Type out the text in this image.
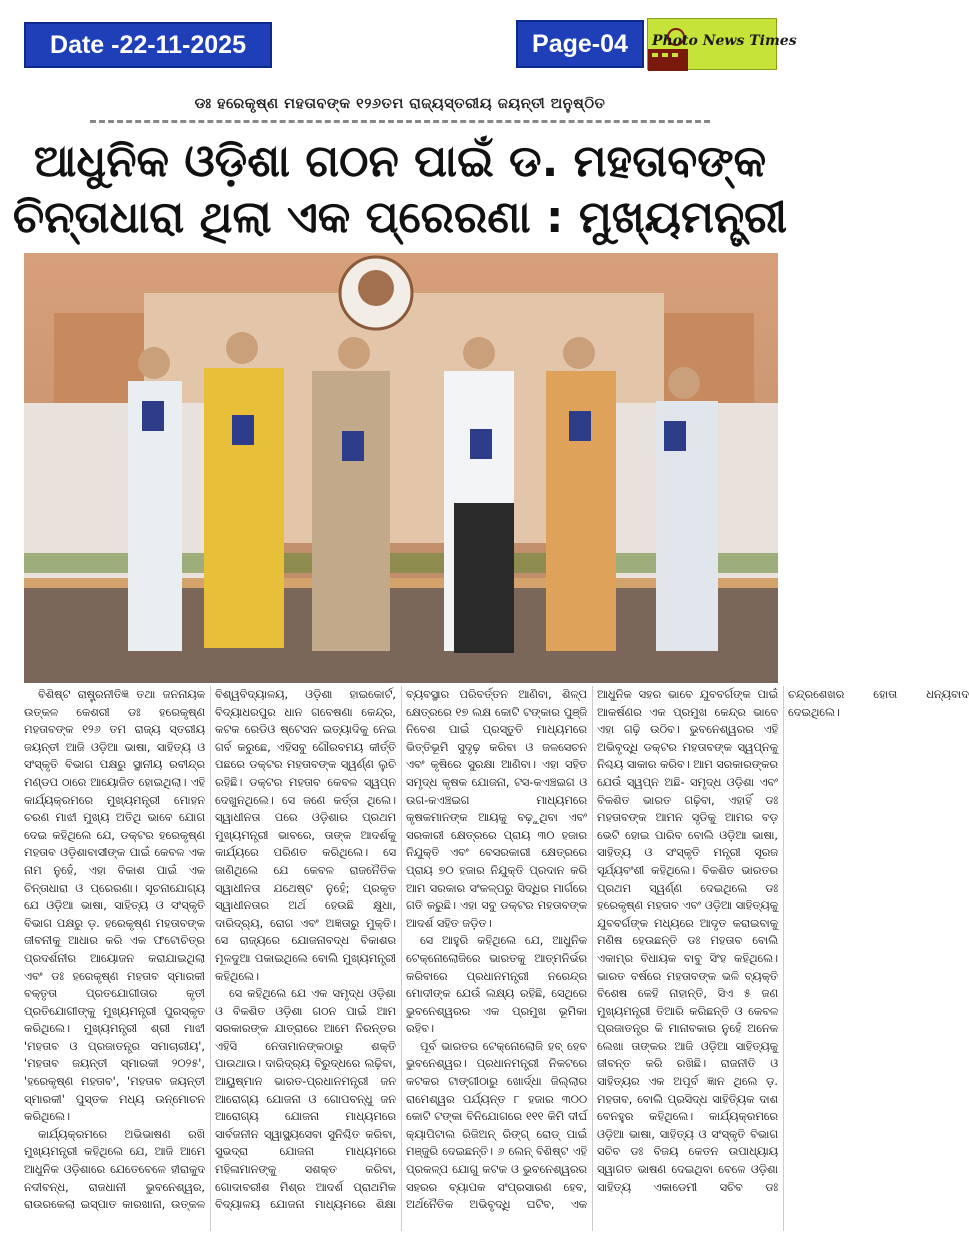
Date -22-11-2025	Page-04 Photo News Times
ଡଃ ହରେକୃଷ୍ଣ ମହତାବଙ୍କ ୧୨୬ତମ ରାଜ୍ୟସ୍ତରୀୟ ଜୟନ୍ତୀ ଅନୁଷ୍ଠିତ
ଆଧୁନିକ ଓଡ଼ିଶା ଗଠନ ପାଇଁ ଡ. ମହତାବଙ୍କ
ଚିନ୍ତାଧାରା ଥିଲା ଏକ ପ୍ରେରଣା : ମୁଖ୍ୟମନ୍ତ୍ରୀ

ବିଶିଷ୍ଟ ରାଷ୍ଟ୍ରନୀତିଜ୍ଞ ତଥା ଜନନାୟକ ଉତ୍କଳ କେଶରୀ ଡଃ ହରେକୃଷ୍ଣ ମହତାବଙ୍କ ୧୨୬ ତମ ରାଜ୍ୟ ସ୍ତରୀୟ ଜୟନ୍ତୀ ଆଜି ଓଡ଼ିଆ ଭାଷା, ସାହିତ୍ୟ ଓ ସଂସ୍କୃତି ବିଭାଗ ପକ୍ଷରୁ ସ୍ଥାନୀୟ ରବୀନ୍ଦ୍ର ମଣ୍ଡପ ଠାରେ ଆୟୋଜିତ ହୋଇଥିଲା। ଏହି କାର୍ଯ୍ୟକ୍ରମରେ ମୁଖ୍ୟମନ୍ତ୍ରୀ ମୋହନ ଚରଣ ମାଝୀ ମୁଖ୍ୟ ଅତିଥି ଭାବେ ଯୋଗ ଦେଇ କହିଥିଲେ ଯେ, ଡକ୍ଟର ହରେକୃଷ୍ଣ ମହତାବ ଓଡ଼ିଶାବାସୀଙ୍କ ପାଇଁ କେବଳ ଏକ ନାମ ନୁହେଁ, ଏହା ବିକାଶ ପାଇଁ ଏକ ଚିନ୍ତାଧାରା ଓ ପ୍ରେରଣା। ସୂଚନାଯୋଗ୍ୟ ଯେ ଓଡ଼ିଆ ଭାଷା, ସାହିତ୍ୟ ଓ ସଂସ୍କୃତି ବିଭାଗ ପକ୍ଷରୁ ଡ଼. ହରେକୃଷ୍ଣ ମହତାବଙ୍କ ଜୀବନୀକୁ ଆଧାର କରି ଏକ ଫଟୋଚିତ୍ର ପ୍ରଦର୍ଶନୀର ଆୟୋଜନ କରାଯାଇଥିଲା ଏବଂ ଡଃ ହରେକୃଷ୍ଣ ମହତାବ ସ୍ମାରକୀ ବକ୍ତୃତା ପ୍ରତଯୋଗୀତାର କୃତୀ ପ୍ରତିଯୋଗୀଙ୍କୁ ମୁଖ୍ୟମନ୍ତ୍ରୀ ପୁରସ୍କୃତ କରିଥିଲେ। ମୁଖ୍ୟମନ୍ତ୍ରୀ ଶ୍ରୀ ମାଝୀ 'ମହତାବ ଓ ପ୍ରଜାତନ୍ତ୍ର ସମାଚାରୀୟ', 'ମହତାବ ଜୟନ୍ତୀ ସ୍ମାରକୀ ୨୦୨୫', 'ହରେକୃଷ୍ଣ ମହତାବ', 'ମହତାବ ଜୟନ୍ତୀ ସ୍ମାରକୀ' ପୁସ୍ତକ ମଧ୍ୟ ଉନ୍ମୋଚନ କରିଥିଲେ।

କାର୍ଯ୍ୟକ୍ରମରେ ଅଭିଭାଷଣ ରଖି ମୁଖ୍ୟମନ୍ତ୍ରୀ କହିଥିଲେ ଯେ, ଆଜି ଆମେ ଆଧୁନିକ ଓଡ଼ିଶାରେ ଯେତେବେଳେ ହୀରାକୁଦ ନଦୀବନ୍ଧ, ରାଜଧାନୀ ଭୁବନେଶ୍ୱର, ରାଉରକେଲା ଇସ୍ପାତ କାରଖାନା, ଉତ୍କଳ ବିଶ୍ୱବିଦ୍ୟାଳୟ, ଓଡ଼ିଶା ହାଇକୋର୍ଟ, ବିଦ୍ୟାଧରପୁର ଧାନ ଗବେଷଣା କେନ୍ଦ୍ର, କଟକ ରେଡିଓ ଷ୍ଟେସନ ଇତ୍ୟାଦିକୁ ନେଇ ଗର୍ବ କରୁଛେ, ଏହିସବୁ ଗୌରବମୟ କୀର୍ତ୍ତି ପଛରେ ଡକ୍ଟର ମହତାବଙ୍କ ସ୍ୱର୍ଣ୍ଣ ଲୁଚି ରହିଛି। ଡକ୍ଟର ମହତାବ କେବଳ ସ୍ୱପ୍ନ ଦେଖୁନଥିଲେ। ସେ ଜଣେ କର୍ତ୍ତା ଥିଲେ। ସ୍ୱାଧୀନତା ପରେ ଓଡ଼ିଶାର ପ୍ରଥମ ମୁଖ୍ୟମନ୍ତ୍ରୀ ଭାବରେ, ତାଙ୍କ ଆଦର୍ଶକୁ କାର୍ଯ୍ୟରେ ପରିଣତ କରିଥିଲେ। ସେ ଜାଣିଥିଲେ ଯେ କେବଳ ରାଜନୈତିକ ସ୍ୱାଧୀନତା ଯଥେଷ୍ଟ ନୁହେଁ; ପ୍ରକୃତ ସ୍ୱାଧୀନତାର ଅର୍ଥ ହେଉଛି କ୍ଷୁଧା, ଦାରିଦ୍ର୍ୟ, ରୋଗ ଏବଂ ଅଜ୍ଞତାରୁ ମୁକ୍ତି। ସେ ରାଜ୍ୟରେ ଯୋଜନାବଦ୍ଧ ବିକାଶର ମୂଳଦୁଆ ପକାଇଥିଲେ ବୋଲି ମୁଖ୍ୟମନ୍ତ୍ରୀ କହିଥିଲେ।

ସେ କହିଥିଲେ ଯେ ଏକ ସମୃଦ୍ଧ ଓଡ଼ିଶା ଓ ବିକଶିତ ଓଡ଼ିଶା ଗଠନ ପାଇଁ ଆମ ସରକାରଙ୍କ ଯାତ୍ରାରେ ଆମେ ନିରନ୍ତର ଏହିସି ନେତାମାନଙ୍କଠାରୁ ଶକ୍ତି ପାଉଥାଉ। ଦାରିଦ୍ର୍ୟ ବିରୁଦ୍ଧରେ ଲଢ଼ିବା, ଆୟୁଷ୍ମାନ ଭାରତ-ପ୍ରଧାନମନ୍ତ୍ରୀ ଜନ ଆରୋଗ୍ୟ ଯୋଜନା ଓ ଗୋପବନ୍ଧୁ ଜନ ଆରୋଗ୍ୟ ଯୋଜନା ମାଧ୍ୟମରେ ସାର୍ବଜନୀନ ସ୍ୱାସ୍ଥ୍ୟସେବା ସୁନିଶ୍ଚିତ କରିବା, ସୁଭଦ୍ରା ଯୋଜନା ମାଧ୍ୟମରେ ମହିଳାମାନଙ୍କୁ ସଶକ୍ତ କରିବା, ଗୋଦାବରୀଶ ମିଶ୍ର ଆଦର୍ଶ ପ୍ରାଥମିକ ବିଦ୍ୟାଳୟ ଯୋଜନା ମାଧ୍ୟମରେ ଶିକ୍ଷା ବ୍ୟବସ୍ଥାର ପରିବର୍ତ୍ତନ ଆଣିବା, ଶିଳ୍ପ କ୍ଷେତ୍ରରେ ୧୭ ଲକ୍ଷ କୋଟି ଟଙ୍କାର ପୁଞ୍ଜି ନିବେଶ ପାଇଁ ପ୍ରସ୍ତୁତି ମାଧ୍ୟମରେ ଭିତ୍ତିଭୂମି ସୁଦୃଢ଼ କରିବା ଓ ଜଳସେଚନ ଏବଂ କୃଷିରେ ସୁରକ୍ଷା ଆଣିବା। ଏହା ସହିତ ସମୃଦ୍ଧ କୃଷକ ଯୋଜନା, ଟସ-କଏଞ୍ଚଇଗ ଓ ଉଗ-କଏଞ୍ଚଇଗ ମାଧ୍ୟମରେ କୃଷକମାନଙ୍କ ଆୟକୁ ବଢ଼ୁଥିବା ଏବଂ ସରକାରୀ କ୍ଷେତ୍ରରେ ପ୍ରାୟ ୩୦ ହଜାର ନିଯୁକ୍ତି ଏବଂ ବେସରକାରୀ କ୍ଷେତ୍ରରେ ପ୍ରାୟ ୭୦ ହଜାର ନିଯୁକ୍ତି ପ୍ରଦାନ କରି ଆମ ସରକାର ସଂକଳ୍ପରୁ ସିଦ୍ଧିର ମାର୍ଗରେ ଗତି କରୁଛି। ଏହା ସବୁ ଡକ୍ଟର ମହତାବଙ୍କ ଆଦର୍ଶ ସହିତ ଜଡ଼ିତ।

ସେ ଆହୁରି କହିଥିଲେ ଯେ, ଆଧୁନିକ ଟେକ୍ନୋଲୋଜିରେ ଭାରତକୁ ଆତ୍ମନିର୍ଭର କରିବାରେ ପ୍ରଧାନମନ୍ତ୍ରୀ ନରେନ୍ଦ୍ର ମୋଦୀଙ୍କ ଯେଉଁ ଲକ୍ଷ୍ୟ ରହିଛି, ସେଥିରେ ଭୁବନେଶ୍ୱରର ଏକ ପ୍ରମୁଖ ଭୂମିକା ରହିବ।

ପୂର୍ବ ଭାରତର ଟେକ୍ନୋଲୋଜି ହବ୍ ହେବ ଭୁବନେଶ୍ୱର। ପ୍ରଧାନମନ୍ତ୍ରୀ ନିକଟରେ କଟକର ଟାଙ୍ଗୀଠାରୁ ଖୋର୍ଦ୍ଧା ଜିଲ୍ଲାର ରାମେଶ୍ୱର ପର୍ଯ୍ୟନ୍ତ ୮ ହଜାର ୩୦୦ କୋଟି ଟଙ୍କା ବିନିଯୋଗରେ ୧୧୧ କିମି ଦୀର୍ଘ କ୍ୟାପିଟାଲ ରିଜିଅନ୍ ରିଙ୍ଗ୍ ରୋଡ୍ ପାଇଁ ମଞ୍ଜୁରି ଦେଇଛନ୍ତି। ୬ ଲେନ୍ ବିଶିଷ୍ଟ ଏହି ପ୍ରକଳ୍ପ ଯୋଗୁ କଟକ ଓ ଭୁବନେଶ୍ୱରର ସହରର ବ୍ୟାପକ ସଂପ୍ରସାରଣ ହେବ, ଅର୍ଥନୈତିକ ଅଭିବୃଦ୍ଧି ଘଟିବ, ଏକ ଆଧୁନିକ ସହର ଭାବେ ଯୁବବର୍ଗଙ୍କ ପାଇଁ ଆକର୍ଷଣର ଏକ ପ୍ରମୁଖ କେନ୍ଦ୍ର ଭାବେ ଏହା ଗଢ଼ି ଉଠିବ। ଭୁବନେଶ୍ୱରର ଏହି ଅଭିବୃଦ୍ଧି ଡକ୍ଟର ମହତାବଙ୍କ ସ୍ୱପ୍ନକୁ ନିଶ୍ଚୟ ସାକାର କରିବ। ଆମ ସରକାରଙ୍କର ଯେଉଁ ସ୍ୱପ୍ନ ଅଛି- ସମୃଦ୍ଧ ଓଡ଼ିଶା ଏବଂ ବିକଶିତ ଭାରତ ଗଢ଼ିବା, ଏହାହିଁ ଡଃ ମହତାବଙ୍କ ଆମନ ସୃଡିକୁ ଆମର ବଡ଼ ଭେଟି ହୋଇ ପାରିବ ବୋଲି ଓଡ଼ିଆ ଭାଷା, ସାହିତ୍ୟ ଓ ସଂସ୍କୃତି ମନ୍ତ୍ରୀ ସୂରଜ ସୂର୍ଯ୍ୟବଂଶୀ କହିଥିଲେ। ବିକଶିତ ଭାରତର ପ୍ରଥମ ସ୍ୱର୍ଣ୍ଣ ଦେଇଥିଲେ ଡଃ ହରେକୃଷ୍ଣ ମହତାବ ଏବଂ ଓଡ଼ିଆ ସାହିତ୍ୟକୁ ଯୁବବର୍ଗଙ୍କ ମଧ୍ୟରେ ଆଦୃତ କରାଇବାକୁ ମଣିଷ ହେଉଛନ୍ତି ଡଃ ମହତାବ ବୋଲି ଏକାମ୍ର ବିଧାୟକ ବାବୁ ସିଂହ କହିଥିଲେ। ଭାରତ ବର୍ଷରେ ମହତାବଙ୍କ ଭଳି ବ୍ୟକ୍ତି ବିଶେଷ କେହି ନାହାନ୍ତି, ସିଏ ୫ ଜଣ ମୁଖ୍ୟମନ୍ତ୍ରୀ ତିଆରି କରିଛନ୍ତି ଓ କେବଳ ପ୍ରଜାତନ୍ତ୍ର କି ମାନାବକାର ନୁହେଁ ଅନେକ ଲେଖା ତାଙ୍କର ଆଜି ଓଡ଼ିଆ ସାହିତ୍ୟକୁ ଜୀବନ୍ତ କରି ରଖିଛି। ରାଜନୀତି ଓ ସାହିତ୍ୟର ଏକ ଅପୂର୍ବ ଜ୍ଞାନ ଥିଲେ ଡ଼. ମହତାବ, ବୋଲି ପ୍ରସିଦ୍ଧ ସାହିତ୍ୟିକ ଦାଶ ବେନହୁର କହିଥିଲେ। କାର୍ଯ୍ୟକ୍ରମରେ ଓଡ଼ିଆ ଭାଷା, ସାହିତ୍ୟ ଓ ସଂସ୍କୃତି ବିଭାଗ ସଚିବ ଡଃ ବିଜୟ କେତନ ଉପାଧ୍ୟାୟ ସ୍ୱାଗତ ଭାଷଣ ଦେଇଥିବା ବେଳେ ଓଡ଼ିଶା ସାହିତ୍ୟ ଏକାଡେମୀ ସଚିବ ଡଃ ଚନ୍ଦ୍ରଶେଖର ହୋତା ଧନ୍ୟବାଦ ଦେଇଥିଲେ।
